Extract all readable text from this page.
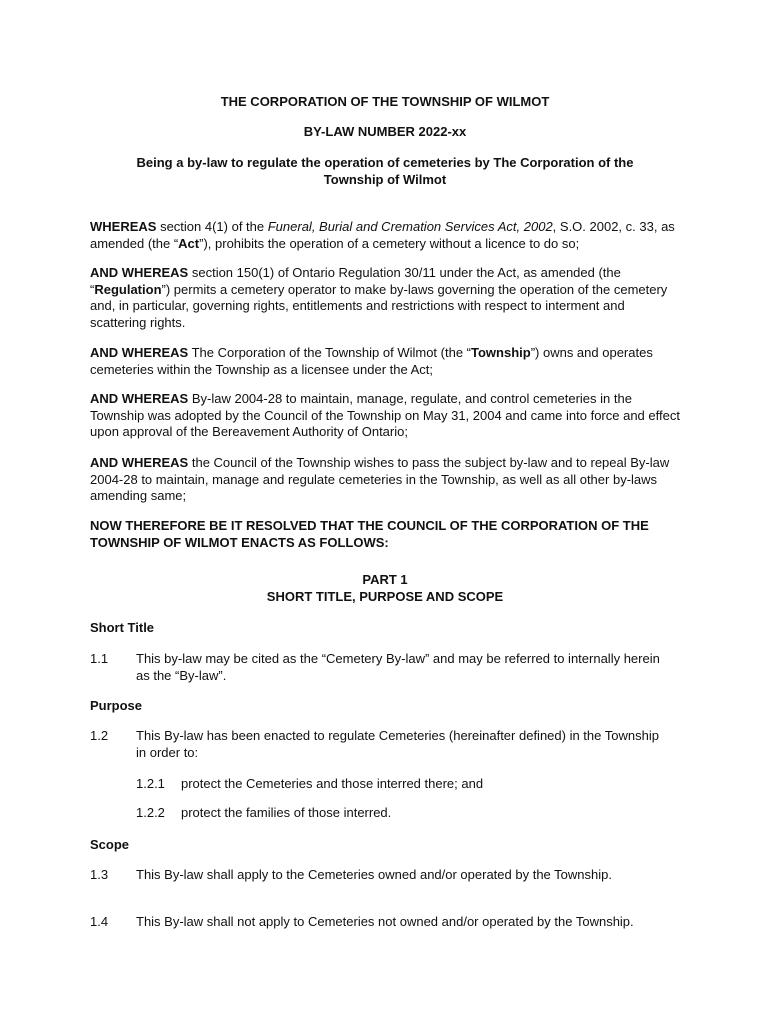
THE CORPORATION OF THE TOWNSHIP OF WILMOT
BY-LAW NUMBER 2022-xx
Being a by-law to regulate the operation of cemeteries by The Corporation of the
Township of Wilmot
WHEREAS section 4(1) of the Funeral, Burial and Cremation Services Act, 2002, S.O. 2002, c. 33, as amended (the “Act”), prohibits the operation of a cemetery without a licence to do so;
AND WHEREAS section 150(1) of Ontario Regulation 30/11 under the Act, as amended (the “Regulation”) permits a cemetery operator to make by-laws governing the operation of the cemetery and, in particular, governing rights, entitlements and restrictions with respect to interment and scattering rights.
AND WHEREAS The Corporation of the Township of Wilmot (the “Township”) owns and operates cemeteries within the Township as a licensee under the Act;
AND WHEREAS By-law 2004-28 to maintain, manage, regulate, and control cemeteries in the Township was adopted by the Council of the Township on May 31, 2004 and came into force and effect upon approval of the Bereavement Authority of Ontario;
AND WHEREAS the Council of the Township wishes to pass the subject by-law and to repeal By-law 2004-28 to maintain, manage and regulate cemeteries in the Township, as well as all other by-laws amending same;
NOW THEREFORE BE IT RESOLVED THAT THE COUNCIL OF THE CORPORATION OF THE TOWNSHIP OF WILMOT ENACTS AS FOLLOWS:
PART 1
SHORT TITLE, PURPOSE AND SCOPE
Short Title
1.1 This by-law may be cited as the “Cemetery By-law” and may be referred to internally herein as the “By-law”.
Purpose
1.2 This By-law has been enacted to regulate Cemeteries (hereinafter defined) in the Township in order to:
1.2.1 protect the Cemeteries and those interred there; and
1.2.2 protect the families of those interred.
Scope
1.3 This By-law shall apply to the Cemeteries owned and/or operated by the Township.
1.4 This By-law shall not apply to Cemeteries not owned and/or operated by the Township.
